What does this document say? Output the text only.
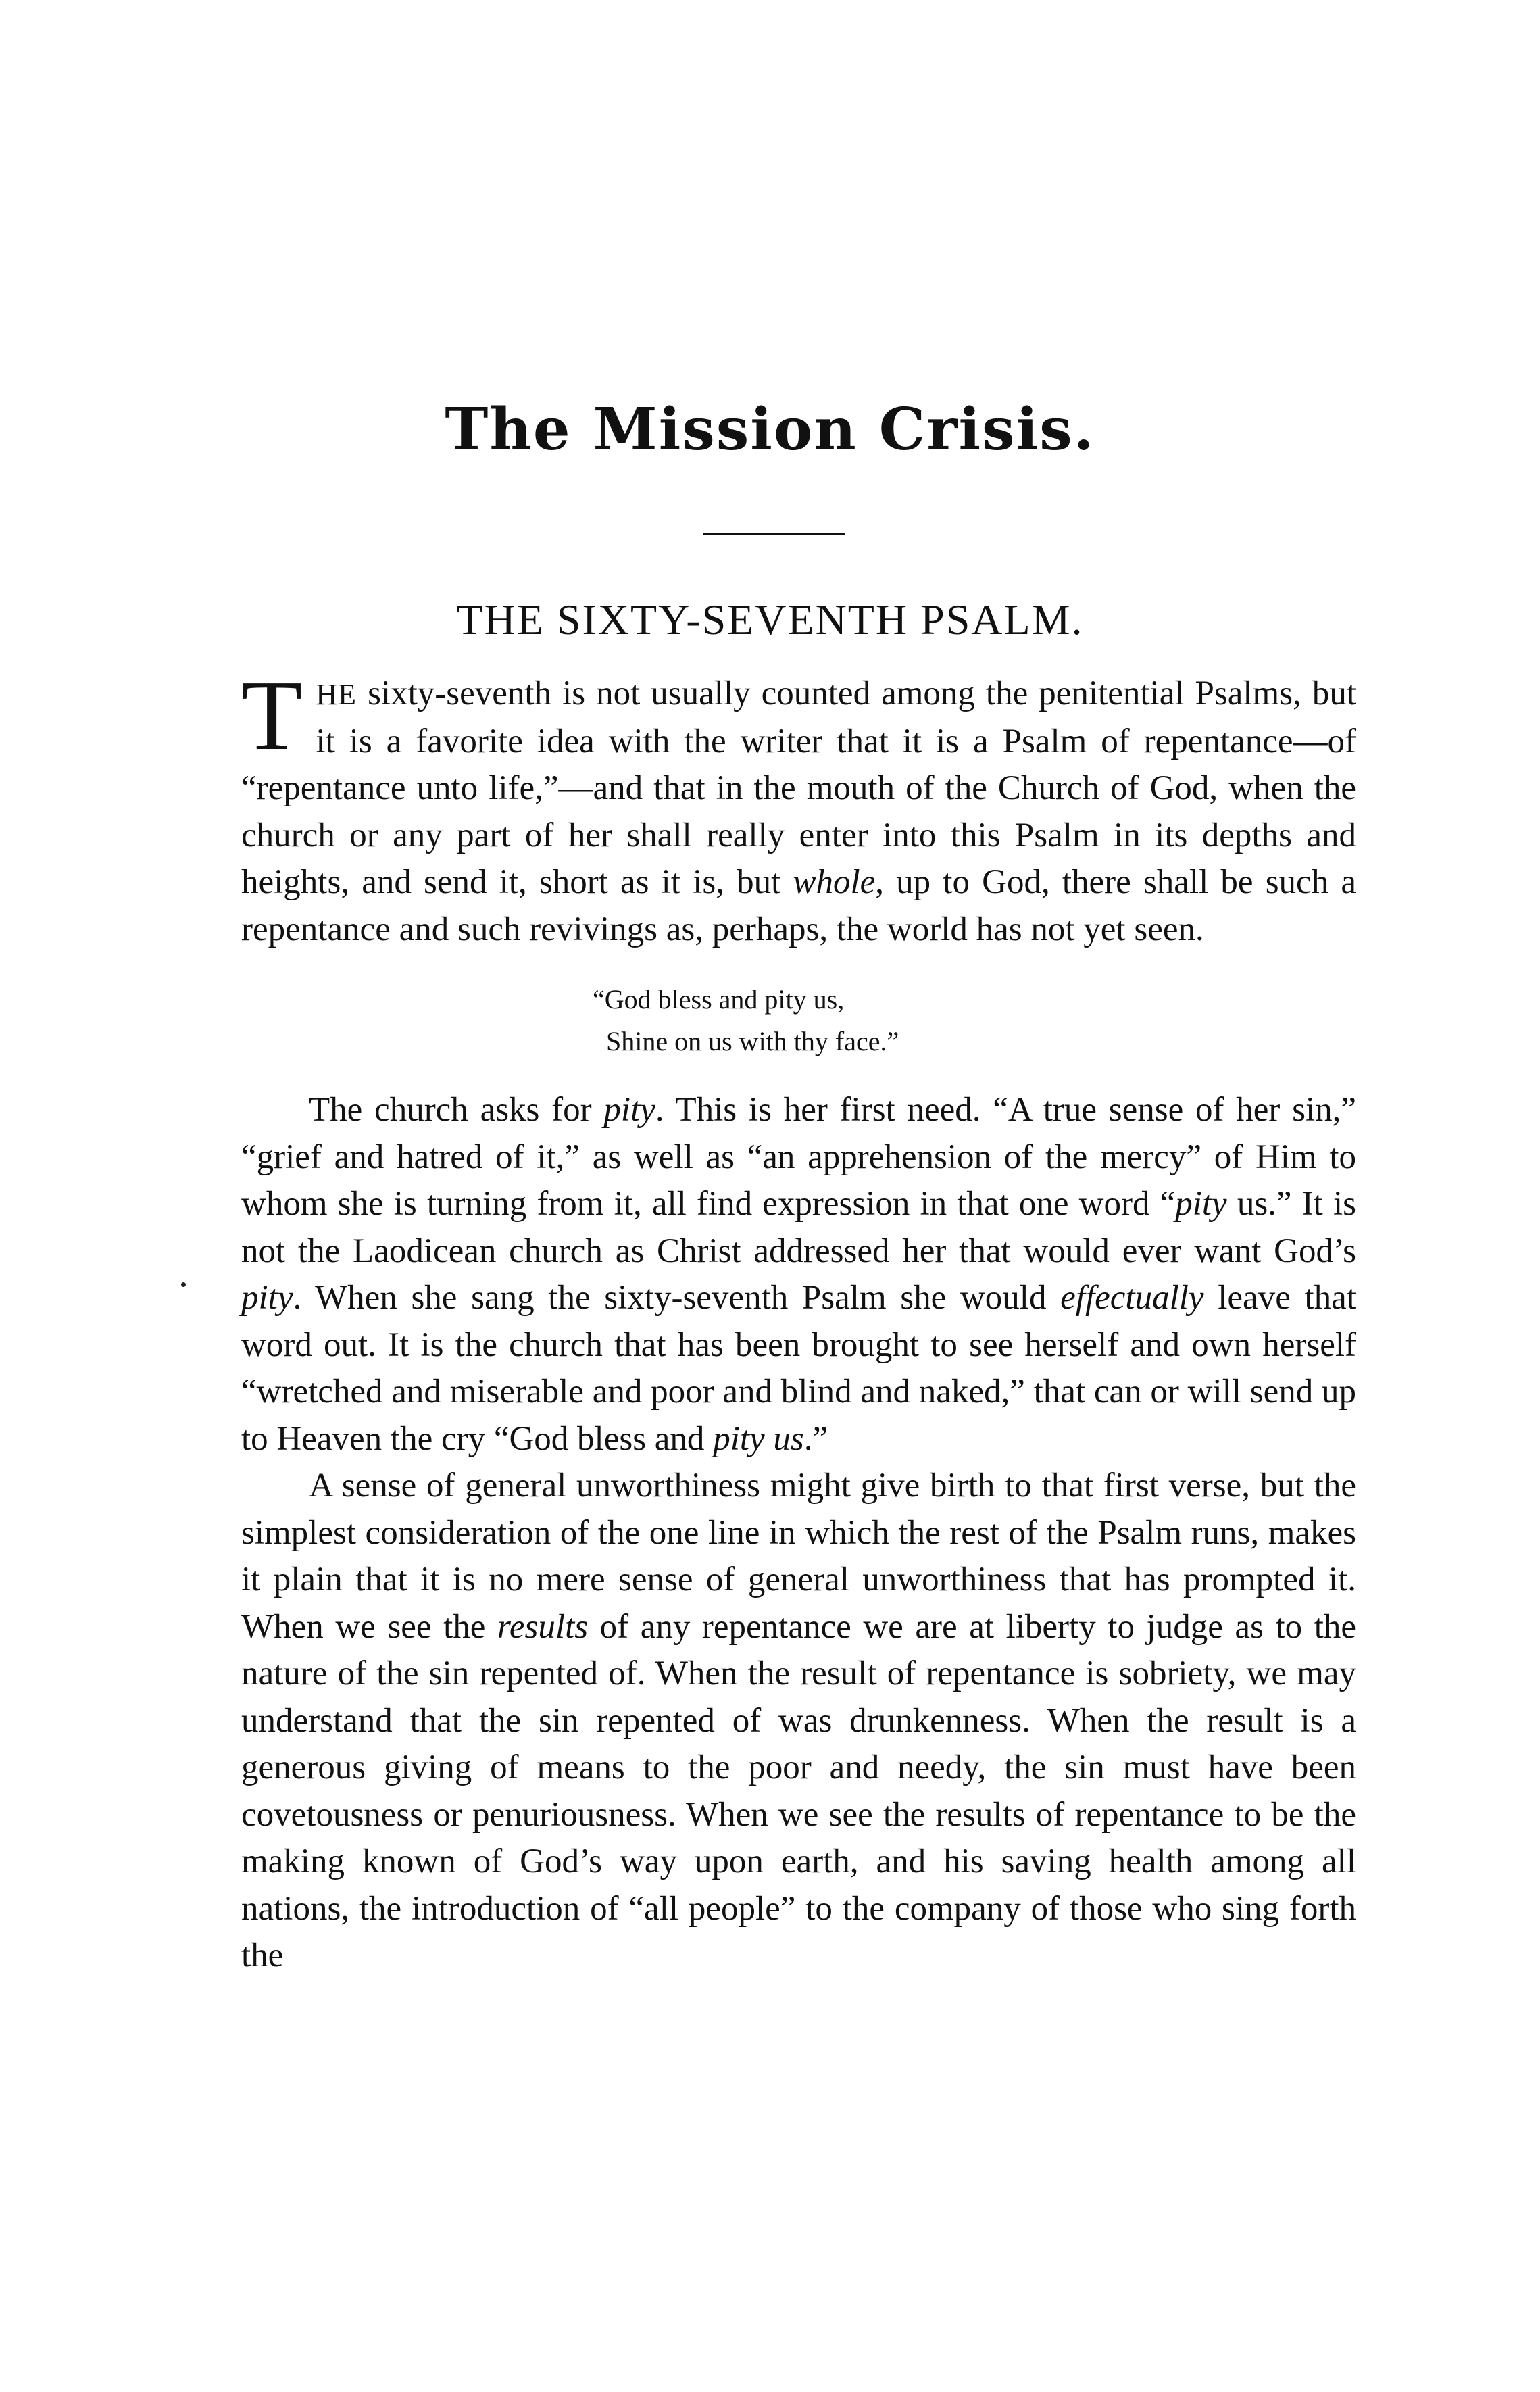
The Mission Crisis.
THE SIXTY-SEVENTH PSALM.

THE sixty-seventh is not usually counted among the penitential Psalms, but it is a favorite idea with the writer that it is a Psalm of repentance—of “repentance unto life,”—and that in the mouth of the Church of God, when the church or any part of her shall really enter into this Psalm in its depths and heights, and send it, short as it is, but whole, up to God, there shall be such a repentance and such revivings as, perhaps, the world has not yet seen.

“God bless and pity us,
Shine on us with thy face.”

The church asks for pity. This is her first need. “A true sense of her sin,” “grief and hatred of it,” as well as “an apprehension of the mercy” of Him to whom she is turning from it, all find expression in that one word “pity us.” It is not the Laodicean church as Christ addressed her that would ever want God’s pity. When she sang the sixty-seventh Psalm she would effectually leave that word out. It is the church that has been brought to see herself and own herself “wretched and miserable and poor and blind and naked,” that can or will send up to Heaven the cry “God bless and pity us.”

A sense of general unworthiness might give birth to that first verse, but the simplest consideration of the one line in which the rest of the Psalm runs, makes it plain that it is no mere sense of general unworthiness that has prompted it. When we see the results of any repentance we are at liberty to judge as to the nature of the sin repented of. When the result of repentance is sobriety, we may understand that the sin repented of was drunkenness. When the result is a generous giving of means to the poor and needy, the sin must have been covetousness or penuriousness. When we see the results of repentance to be the making known of God’s way upon earth, and his saving health among all nations, the introduction of “all people” to the company of those who sing forth the
